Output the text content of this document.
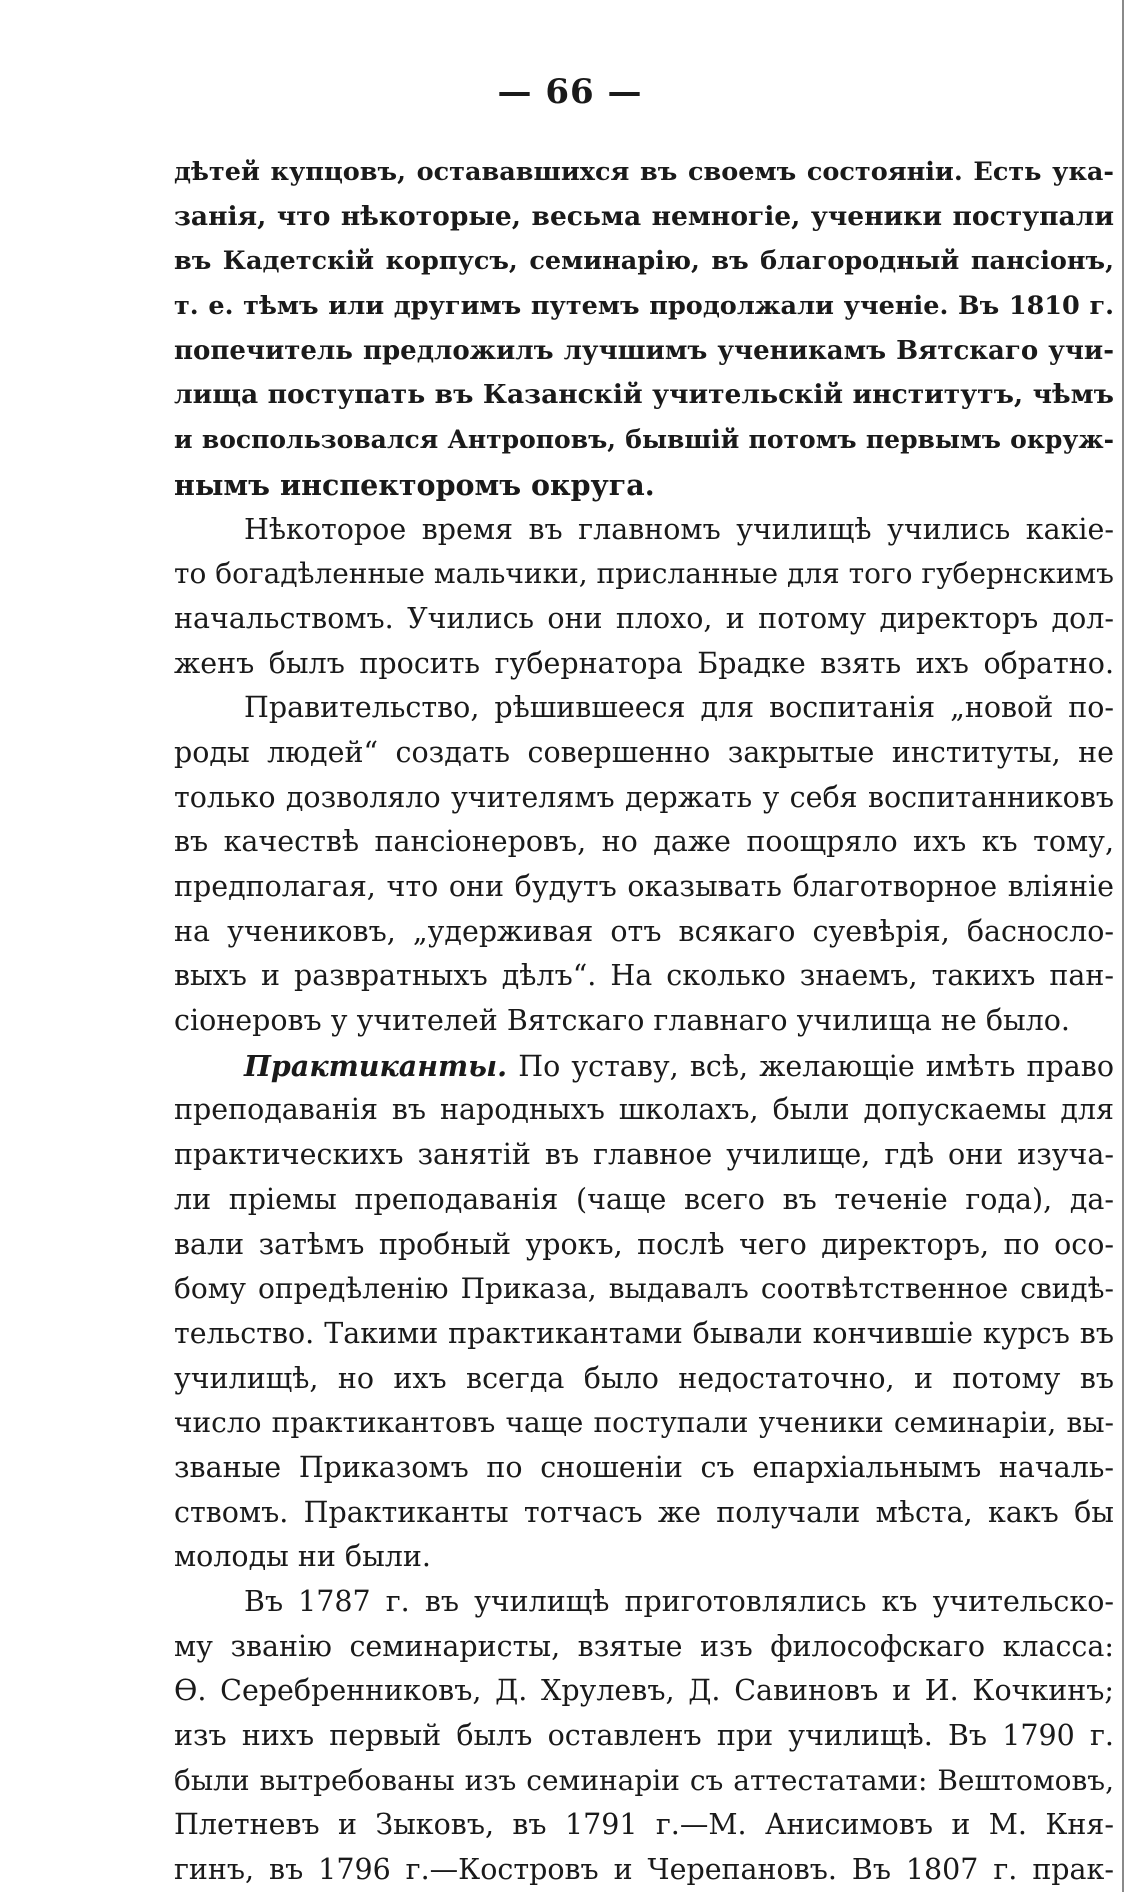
— 66 —
дѣтей купцовъ, остававшихся въ своемъ состояніи. Есть ука-
занія, что нѣкоторые, весьма немногіе, ученики поступали
въ Кадетскій корпусъ, семинарію, въ благородный пансіонъ,
т. е. тѣмъ или другимъ путемъ продолжали ученіе. Въ 1810 г.
попечитель предложилъ лучшимъ ученикамъ Вятскаго учи-
лища поступать въ Казанскій учительскій институтъ, чѣмъ
и воспользовался Антроповъ, бывшій потомъ первымъ окруж-
нымъ инспекторомъ округа.
Нѣкоторое время въ главномъ училищѣ учились какіе-
то богадѣленные мальчики, присланные для того губернскимъ
начальствомъ. Учились они плохо, и потому директоръ дол-
женъ былъ просить губернатора Брадке взять ихъ обратно.
Правительство, рѣшившееся для воспитанія „новой по-
роды людей“ создать совершенно закрытые институты, не
только дозволяло учителямъ держать у себя воспитанниковъ
въ качествѣ пансіонеровъ, но даже поощряло ихъ къ тому,
предполагая, что они будутъ оказывать благотворное вліяніе
на учениковъ, „удерживая отъ всякаго суевѣрія, басносло-
выхъ и развратныхъ дѣлъ“. На сколько знаемъ, такихъ пан-
сіонеровъ у учителей Вятскаго главнаго училища не было.
Практиканты. По уставу, всѣ, желающіе имѣть право
преподаванія въ народныхъ школахъ, были допускаемы для
практическихъ занятій въ главное училище, гдѣ они изуча-
ли пріемы преподаванія (чаще всего въ теченіе года), да-
вали затѣмъ пробный урокъ, послѣ чего директоръ, по осо-
бому опредѣленію Приказа, выдавалъ соотвѣтственное свидѣ-
тельство. Такими практикантами бывали кончившіе курсъ въ
училищѣ, но ихъ всегда было недостаточно, и потому въ
число практикантовъ чаще поступали ученики семинаріи, вы-
званые Приказомъ по сношеніи съ епархіальнымъ началь-
ствомъ. Практиканты тотчасъ же получали мѣста, какъ бы
молоды ни были.
Въ 1787 г. въ училищѣ приготовлялись къ учительско-
му званію семинаристы, взятые изъ философскаго класса:
Ѳ. Серебренниковъ, Д. Хрулевъ, Д. Савиновъ и И. Кочкинъ;
изъ нихъ первый былъ оставленъ при училищѣ. Въ 1790 г.
были вытребованы изъ семинаріи съ аттестатами: Вештомовъ,
Плетневъ и Зыковъ, въ 1791 г.—М. Анисимовъ и М. Кня-
гинъ, въ 1796 г.—Костровъ и Черепановъ. Въ 1807 г. прак-
